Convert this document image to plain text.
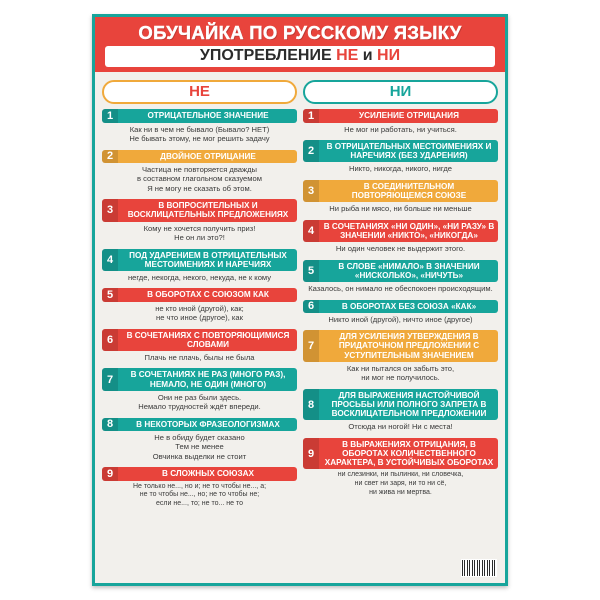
ОБУЧАЙКА ПО РУССКОМУ ЯЗЫКУ
УПОТРЕБЛЕНИЕ НЕ и НИ
НЕ
1	ОТРИЦАТЕЛЬНОЕ ЗНАЧЕНИЕ
Как ни в чем не бывало (Бывало? НЕТ)
Не бывать этому, не мог решить задачу
2	ДВОЙНОЕ ОТРИЦАНИЕ
Частица не повторяется дважды
в составном глагольном сказуемом
Я не могу не сказать об этом.
3	В ВОПРОСИТЕЛЬНЫХ И ВОСКЛИЦАТЕЛЬНЫХ ПРЕДЛОЖЕНИЯХ
Кому не хочется получить приз!
Не он ли это?!
4	ПОД УДАРЕНИЕМ В ОТРИЦАТЕЛЬНЫХ МЕСТОИМЕНИЯХ И НАРЕЧИЯХ
негде, некогда, некого, некуда, не к кому
5	В ОБОРОТАХ С СОЮЗОМ КАК
не кто иной (другой), как;
не что иное (другое), как
6	В СОЧЕТАНИЯХ С ПОВТОРЯЮЩИМИСЯ СЛОВАМИ
Плачь не плачь, былы не была
7	В СОЧЕТАНИЯХ НЕ РАЗ (МНОГО РАЗ), НЕМАЛО, НЕ ОДИН (МНОГО)
Они не раз были здесь.
Немало трудностей ждёт впереди.
8	В НЕКОТОРЫХ ФРАЗЕОЛОГИЗМАХ
Не в обиду будет сказано
Тем не менее
Овчинка выделки не стоит
9	В СЛОЖНЫХ СОЮЗАХ
Не только не..., но и; не то чтобы не..., а;
не то чтобы не..., но; не то чтобы не;
если не..., то; не то... не то
НИ
1	УСИЛЕНИЕ ОТРИЦАНИЯ
Не мог ни работать, ни учиться.
2	В ОТРИЦАТЕЛЬНЫХ МЕСТОИМЕНИЯХ И НАРЕЧИЯХ (БЕЗ УДАРЕНИЯ)
Никто, никогда, никого, нигде
3	В СОЕДИНИТЕЛЬНОМ ПОВТОРЯЮЩЕМСЯ СОЮЗЕ
Ни рыба ни мясо, ни больше ни меньше
4	В СОЧЕТАНИЯХ «НИ ОДИН», «НИ РАЗУ» В ЗНАЧЕНИИ «НИКТО», «НИКОГДА»
Ни один человек не выдержит этого.
5	В СЛОВЕ «НИМАЛО» В ЗНАЧЕНИИ «НИСКОЛЬКО», «НИЧУТЬ»
Казалось, он нимало не обеспокоен происходящим.
6	В ОБОРОТАХ БЕЗ СОЮЗА «КАК»
Никто иной (другой), ничто иное (другое)
7
ДЛЯ УСИЛЕНИЯ УТВЕРЖДЕНИЯ В ПРИДАТОЧНОМ ПРЕДЛОЖЕНИИ С УСТУПИТЕЛЬНЫМ ЗНАЧЕНИЕМ
Как ни пытался он забыть это,
ни мог не получилось.
8
ДЛЯ ВЫРАЖЕНИЯ НАСТОЙЧИВОЙ ПРОСЬБЫ ИЛИ ПОЛНОГО ЗАПРЕТА В ВОСКЛИЦАТЕЛЬНОМ ПРЕДЛОЖЕНИИ
Отсюда ни ногой! Ни с места!
9
В ВЫРАЖЕНИЯХ ОТРИЦАНИЯ, В ОБОРОТАХ КОЛИЧЕСТВЕННОГО ХАРАКТЕРА, В УСТОЙЧИВЫХ ОБОРОТАХ
ни слезинки, ни пылинки, ни словечка,
ни свет ни заря, ни то ни сё,
ни жива ни мертва.
